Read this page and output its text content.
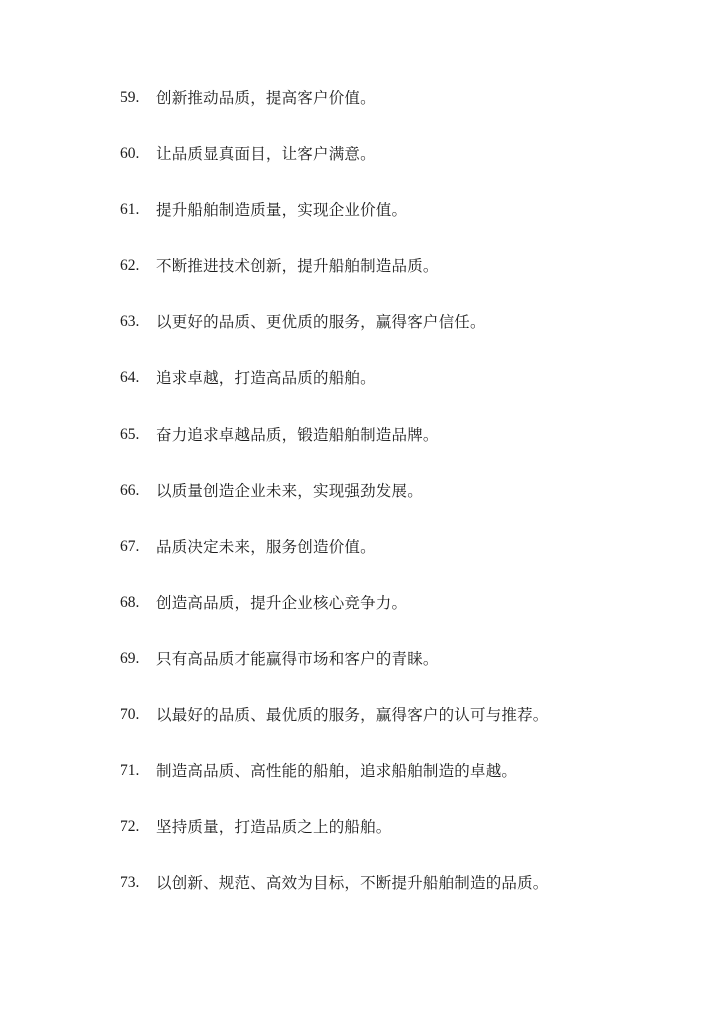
59.	创新推动品质，提高客户价值。
60.	让品质显真面目，让客户满意。
61.	提升船舶制造质量，实现企业价值。
62.	不断推进技术创新，提升船舶制造品质。
63.	以更好的品质、更优质的服务，赢得客户信任。
64.	追求卓越，打造高品质的船舶。
65.	奋力追求卓越品质，锻造船舶制造品牌。
66.	以质量创造企业未来，实现强劲发展。
67.	品质决定未来，服务创造价值。
68.	创造高品质，提升企业核心竞争力。
69.	只有高品质才能赢得市场和客户的青睐。
70.	以最好的品质、最优质的服务，赢得客户的认可与推荐。
71.	制造高品质、高性能的船舶，追求船舶制造的卓越。
72.	坚持质量，打造品质之上的船舶。
73.	以创新、规范、高效为目标，不断提升船舶制造的品质。
